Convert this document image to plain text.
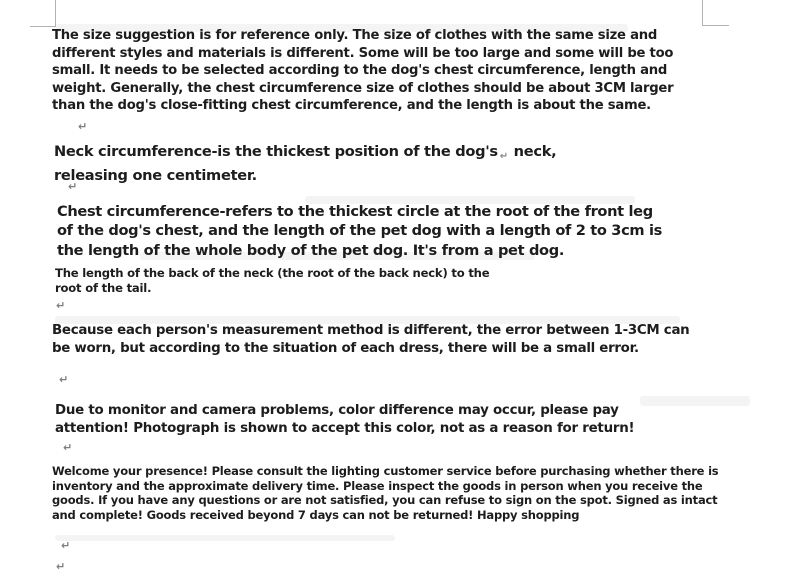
The size suggestion is for reference only. The size of clothes with the same size and
different styles and materials is different. Some will be too large and some will be too
small. It needs to be selected according to the dog's chest circumference, length and
weight. Generally, the chest circumference size of clothes should be about 3CM larger
than the dog's close-fitting chest circumference, and the length is about the same.
↵
Neck circumference-is the thickest position of the dog's $_↵$ neck,
releasing one centimeter.
↵
Chest circumference-refers to the thickest circle at the root of the front leg
of the dog's chest, and the length of the pet dog with a length of 2 to 3cm is
the length of the whole body of the pet dog. It's from a pet dog.
The length of the back of the neck (the root of the back neck) to the
root of the tail.
↵
Because each person's measurement method is different, the error between 1-3CM can
be worn, but according to the situation of each dress, there will be a small error.
↵
Due to monitor and camera problems, color difference may occur, please pay
attention! Photograph is shown to accept this color, not as a reason for return!
↵
Welcome your presence! Please consult the lighting customer service before purchasing whether there is
inventory and the approximate delivery time. Please inspect the goods in person when you receive the
goods. If you have any questions or are not satisfied, you can refuse to sign on the spot. Signed as intact
and complete! Goods received beyond 7 days can not be returned! Happy shopping
↵
↵
